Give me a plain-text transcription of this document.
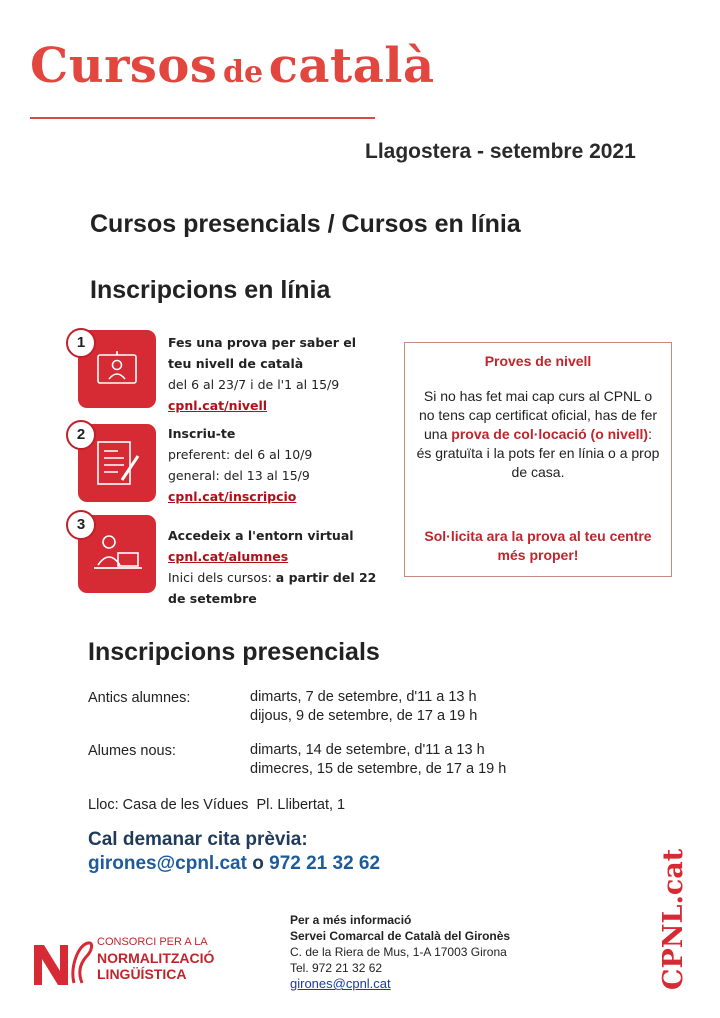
Cursos de català
Llagostera - setembre 2021
Cursos presencials / Cursos en línia
Inscripcions en línia
1	Fes una prova per saber el teu nivell de català
del 6 al 23/7 i de l'1 al 15/9
cpnl.cat/nivell
2	Inscriu-te
preferent: del 6 al 10/9
general: del 13 al 15/9
cpnl.cat/inscripcio
3
Accedeix a l'entorn virtual
cpnl.cat/alumnes
Inici dels cursos: a partir del 22 de setembre
Proves de nivell
Si no has fet mai cap curs al CPNL o no tens cap certificat oficial, has de fer una prova de col·locació (o nivell): és gratuïta i la pots fer en línia o a prop de casa.
Sol·licita ara la prova al teu centre més proper!
Inscripcions presencials
Antics alumnes:	dimarts, 7 de setembre, d'11 a 13 h
dijous, 9 de setembre, de 17 a 19 h
Alumes nous:	dimarts, 14 de setembre, d'11 a 13 h
dimecres, 15 de setembre, de 17 a 19 h
Lloc: Casa de les Vídues  Pl. Llibertat, 1
Cal demanar cita prèvia:
girones@cpnl.cat o 972 21 32 62
CONSORCI PER A LA
NORMALITZACIÓ
LINGÜÍSTICA
Per a més informació
Servei Comarcal de Català del Gironès
C. de la Riera de Mus, 1-A 17003 Girona
Tel. 972 21 32 62
girones@cpnl.cat	CPNL.cat
